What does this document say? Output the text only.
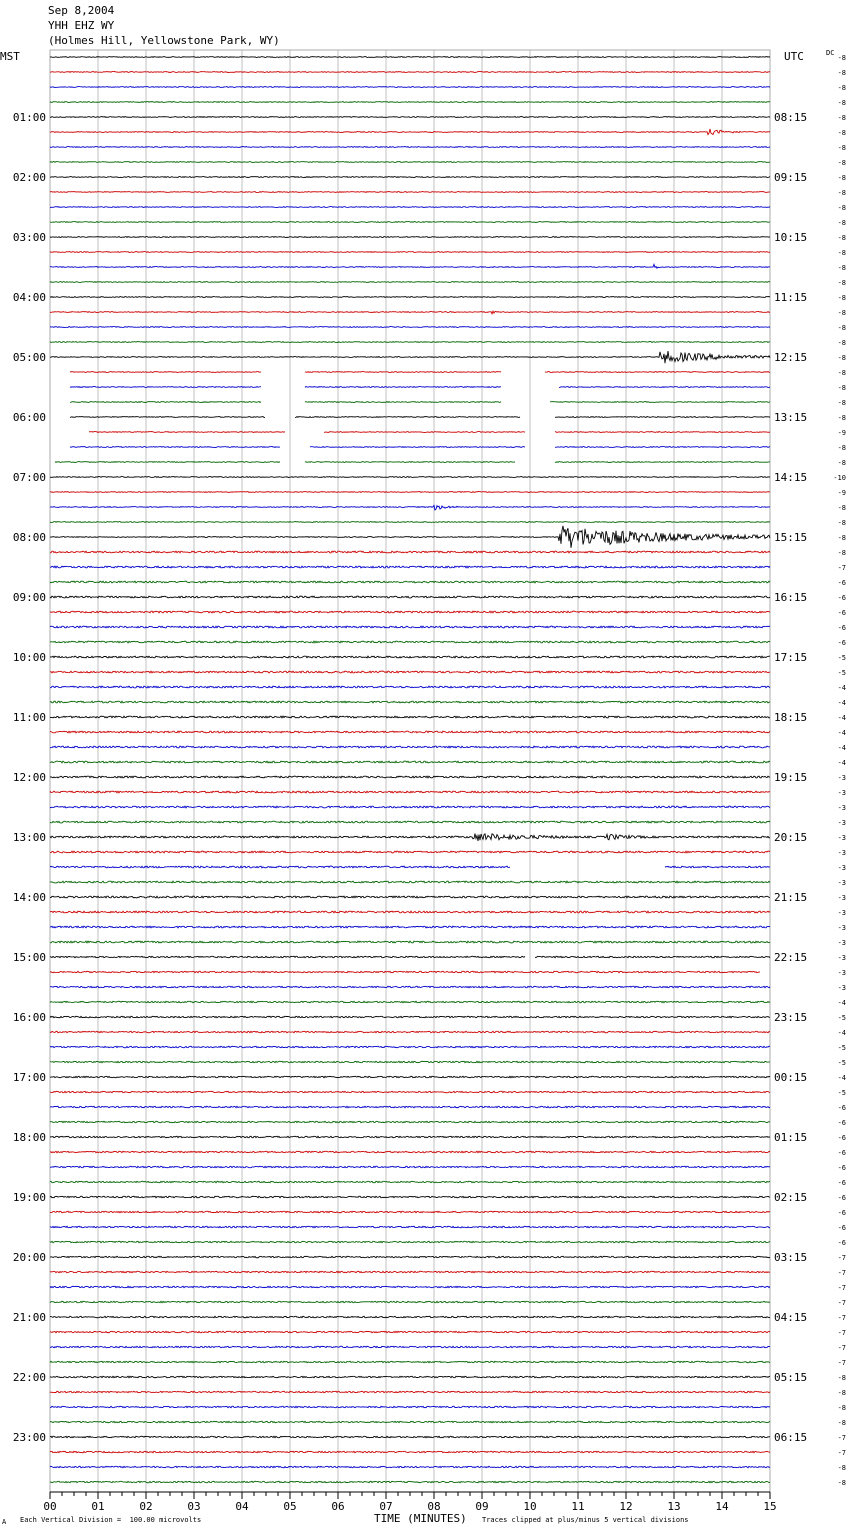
00	01	02	03	04	05	06	07	08	09	10	11	12	13	14	15
-8
-8
-8
-8
-8
-8
-8
-8
-8
-8
-8
-8
-8
-8
-8
-8
-8
-8
-8
-8
-8
-8
-8
-8
-8
-9
-8
-8
-10
-9
-8
-8
-8
-8
-7
-6
-6
-6
-6
-6
-5
-5
-4
-4
-4
-4
-4
-4
-3
-3
-3
-3
-3
-3
-3
-3
-3
-3
-3
-3
-3
-3
-3
-4
-5
-4
-5
-5
-4
-5
-6
-6
-6
-6
-6
-6
-6
-6
-6
-6
-7
-7
-7
-7
-7
-7
-7
-7
-8
-8
-8
-8
-7
-7
-8
-8
01:00
02:00
03:00
04:00
05:00
06:00
07:00
08:00
09:00
10:00
11:00
12:00
13:00
14:00
15:00
16:00
17:00
18:00
19:00
20:00
21:00
22:00
23:00
08:15
09:15
10:15
11:15
12:15
13:15
14:15
15:15
16:15
17:15
18:15
19:15
20:15
21:15
22:15
23:15
00:15
01:15
02:15
03:15
04:15
05:15
06:15
Sep 8,2004
YHH EHZ WY
(Holmes Hill, Yellowstone Park, WY)
MST	UTC	DC
A Each Vertical Division =  100.00 microvolts	TIME (MINUTES) Traces clipped at plus/minus 5 vertical divisions
